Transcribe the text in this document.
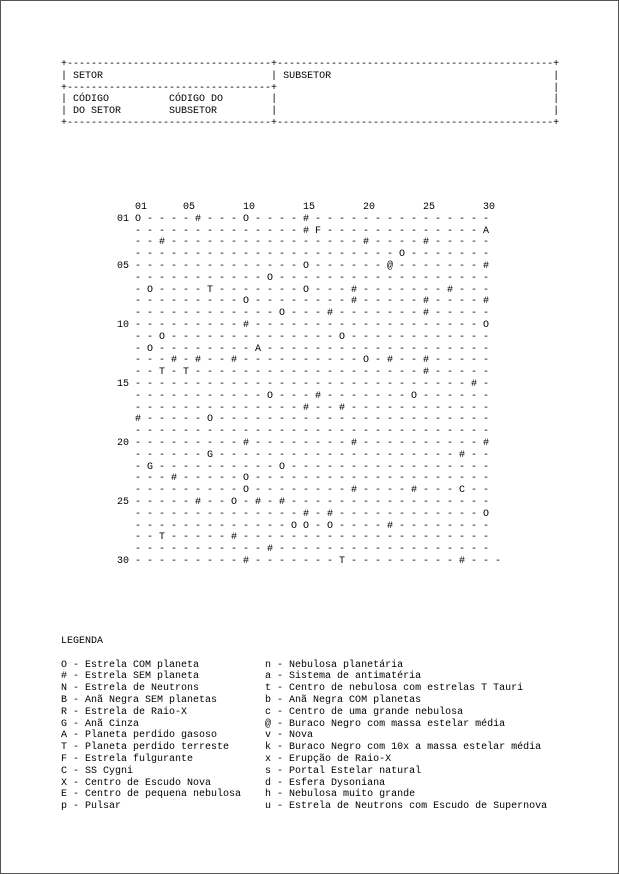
+----------------------------------+----------------------------------------------+
| SETOR                            | SUBSETOR	|
+----------------------------------+                                              |
| CÓDIGO	CÓDIGO DO	|                                              |
| DO SETOR	SUBSETOR	|                                              |
+----------------------------------+----------------------------------------------+
01      05        10        15        20        25        30
01 O - - - - # - - - O - - - - # - - - - - - - - - - - - - - -
- - - - - - - - - - - - - - # F - - - - - - - - - - - - - A
- - # - - - - - - - - - - - - - - - - # - - - - # - - - - -
- - - - - - - - - - - - - - - - - - - - - - O - - - - - - -
05 - - - - - - - - - - - - - - O - - - - - - @ - - - - - - - #
- - - - - - - - - - - O - - - - - - - - - - - - - - - - - -
- O - - - - T - - - - - - - O - - - # - - - - - - - # - - -
- - - - - - - - - O - - - - - - - - # - - - - - # - - - - #
- - - - - - - - - - - - O - - - # - - - - - - - # - - - - -
10 - - - - - - - - - # - - - - - - - - - - - - - - - - - - - O
- - O - - - - - - - - - - - - - - O - - - - - - - - - - - -
- O - - - - - - - - A - - - - - - - - - - - - - - - - - - -
- - - # - # - - # - - - - - - - - - - O - # - - # - - - - -
- - T - T - - - - - - - - - - - - - - - - - - - # - - - - -
15 - - - - - - - - - - - - - - - - - - - - - - - - - - - - # -
- - - - - - - - - - - O - - - # - - - - - - - O - - - - - -
- - - - - - - - - - - - - - # - - # - - - - - - - - - - - -
# - - - - - O - - - - - - - - - - - - - - - - - - - - - - -
- - - - - - - - - - - - - - - - - - - - - - - - - - - - - -
20 - - - - - - - - - # - - - - - - - - # - - - - - - - - - - #
- - - - - - G - - - - - - - - - - - - - - - - - - - - # - -
- G - - - - - - - - - - O - - - - - - - - - - - - - - - - -
- - - # - - - - - O - - - - - - - - - - - - - - - - - - - -
- - - - - - - - - O - - - - - - - - # - - - - # - - - C - -
25 - - - - - # - - O - # - # - - - - - - - - - - - - - - - - -
- - - - - - - - - - - - - - # - # - - - - - - - - - - - - O
- - - - - - - - - - - - - O O - O - - - - # - - - - - - - -
- - T - - - - - # - - - - - - - - - - - - - - - - - - - - -
- - - - - - - - - - - # - - - - - - - - - - - - - - - - - -
30 - - - - - - - - - # - - - - - - - T - - - - - - - - - # - - -
LEGENDA

O - Estrela COM planeta	n - Nebulosa planetária
# - Estrela SEM planeta	a - Sistema de antimatéria
N - Estrela de Neutrons	t - Centro de nebulosa com estrelas T Tauri
B - Anã Negra SEM planetas	b - Anã Negra COM planetas
R - Estrela de Raio-X	c - Centro de uma grande nebulosa
G - Anã Cinza	@ - Buraco Negro com massa estelar média
A - Planeta perdido gasoso	v - Nova
T - Planeta perdido terreste	k - Buraco Negro com 10x a massa estelar média
F - Estrela fulgurante	x - Erupção de Raio-X
C - SS Cygni	s - Portal Estelar natural
X - Centro de Escudo Nova	d - Esfera Dysoniana
E - Centro de pequena nebulosa h - Nebulosa muito grande
p - Pulsar	u - Estrela de Neutrons com Escudo de Supernova
